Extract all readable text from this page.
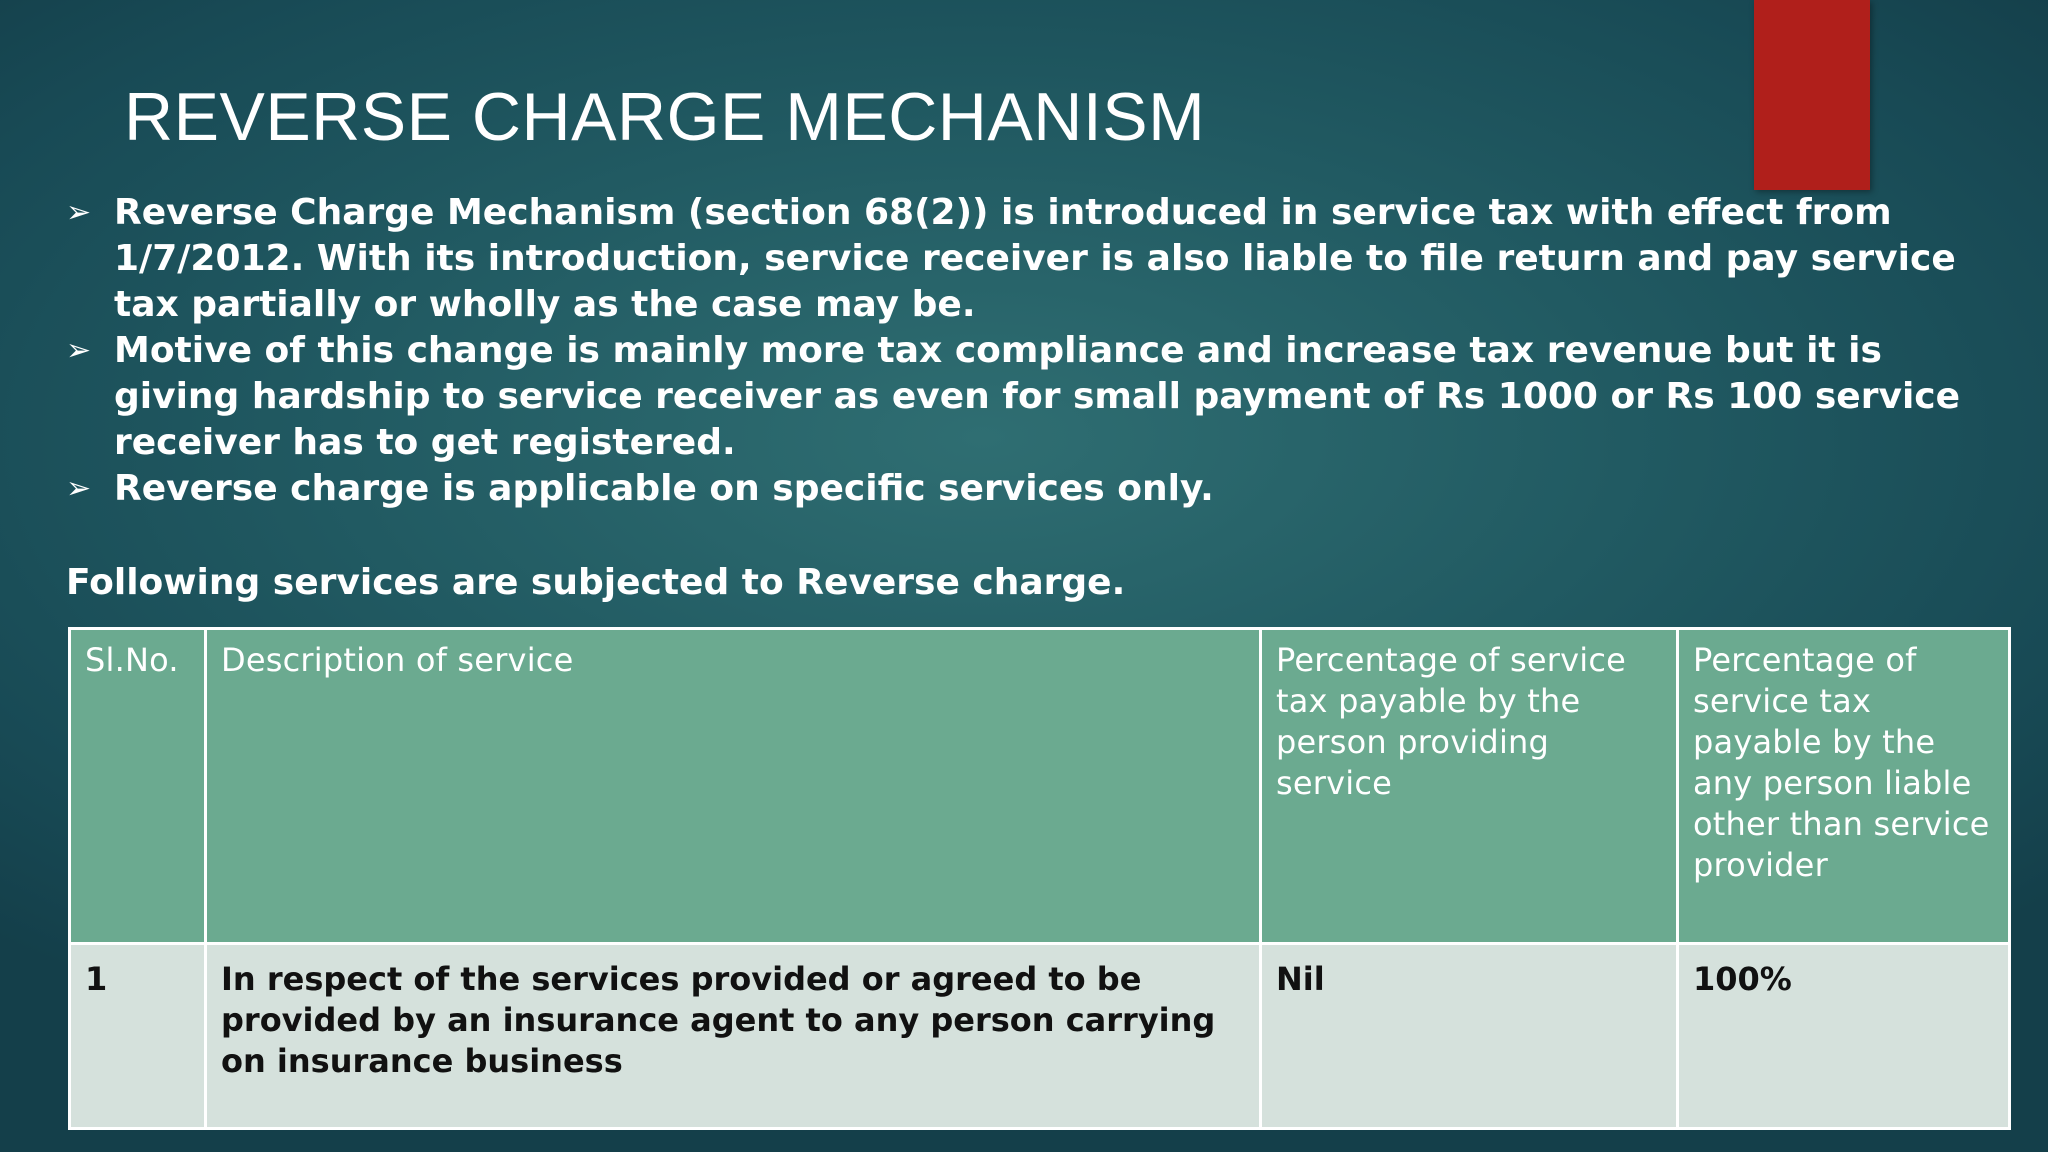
REVERSE CHARGE MECHANISM
➢ Reverse Charge Mechanism (section 68(2)) is introduced in service tax with effect from 1/7/2012. With its introduction, service receiver is also liable to file return and pay service tax partially or wholly as the case may be.
➢ Motive of this change is mainly more tax compliance and increase tax revenue but it is giving hardship to service receiver as even for small payment of Rs 1000 or Rs 100 service receiver has to get registered.
➢ Reverse charge is applicable on specific services only.
Following services are subjected to Reverse charge.
Sl.No.	Description of service	Percentage of service tax payable by the person providing service	Percentage of service tax payable by the any person liable other than service provider
1	In respect of the services provided or agreed to be provided by an insurance agent to any person carrying on insurance business	Nil	100%
